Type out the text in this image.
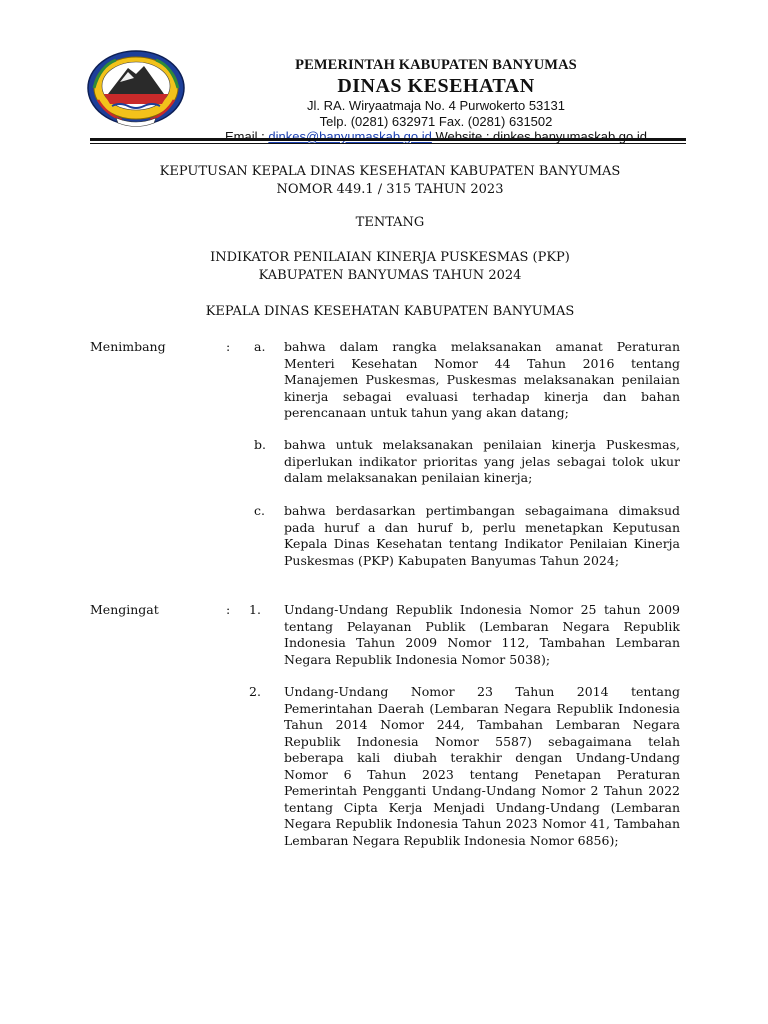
PEMERINTAH KABUPATEN BANYUMAS
DINAS KESEHATAN
Jl. RA. Wiryaatmaja No. 4 Purwokerto 53131
Telp. (0281) 632971 Fax. (0281) 631502
Email : dinkes@banyumaskab.go.id Website : dinkes.banyumaskab.go.id
KEPUTUSAN KEPALA DINAS KESEHATAN KABUPATEN BANYUMAS
NOMOR 449.1 / 315 TAHUN 2023
TENTANG
INDIKATOR PENILAIAN KINERJA PUSKESMAS (PKP)
KABUPATEN BANYUMAS TAHUN 2024
KEPALA DINAS KESEHATAN KABUPATEN BANYUMAS
Menimbang	: a. bahwa dalam rangka melaksanakan amanat Peraturan Menteri Kesehatan Nomor 44 Tahun 2016 tentang Manajemen Puskesmas, Puskesmas melaksanakan penilaian kinerja sebagai evaluasi terhadap kinerja dan bahan perencanaan untuk tahun yang akan datang;
b. bahwa untuk melaksanakan penilaian kinerja Puskesmas, diperlukan indikator prioritas yang jelas sebagai tolok ukur dalam melaksanakan penilaian kinerja;
c. bahwa berdasarkan pertimbangan sebagaimana dimaksud pada huruf a dan huruf b, perlu menetapkan Keputusan Kepala Dinas Kesehatan tentang Indikator Penilaian Kinerja Puskesmas (PKP) Kabupaten Banyumas Tahun 2024;
Mengingat	: 1. Undang-Undang Republik Indonesia Nomor 25 tahun 2009 tentang Pelayanan Publik (Lembaran Negara Republik Indonesia Tahun 2009 Nomor 112, Tambahan Lembaran Negara Republik Indonesia Nomor 5038);
2. Undang-Undang Nomor 23 Tahun 2014 tentang Pemerintahan Daerah (Lembaran Negara Republik Indonesia Tahun 2014 Nomor 244, Tambahan Lembaran Negara Republik Indonesia Nomor 5587) sebagaimana telah beberapa kali diubah terakhir dengan Undang-Undang Nomor 6 Tahun 2023 tentang Penetapan Peraturan Pemerintah Pengganti Undang-Undang Nomor 2 Tahun 2022 tentang Cipta Kerja Menjadi Undang-Undang (Lembaran Negara Republik Indonesia Tahun 2023 Nomor 41, Tambahan Lembaran Negara Republik Indonesia Nomor 6856);
